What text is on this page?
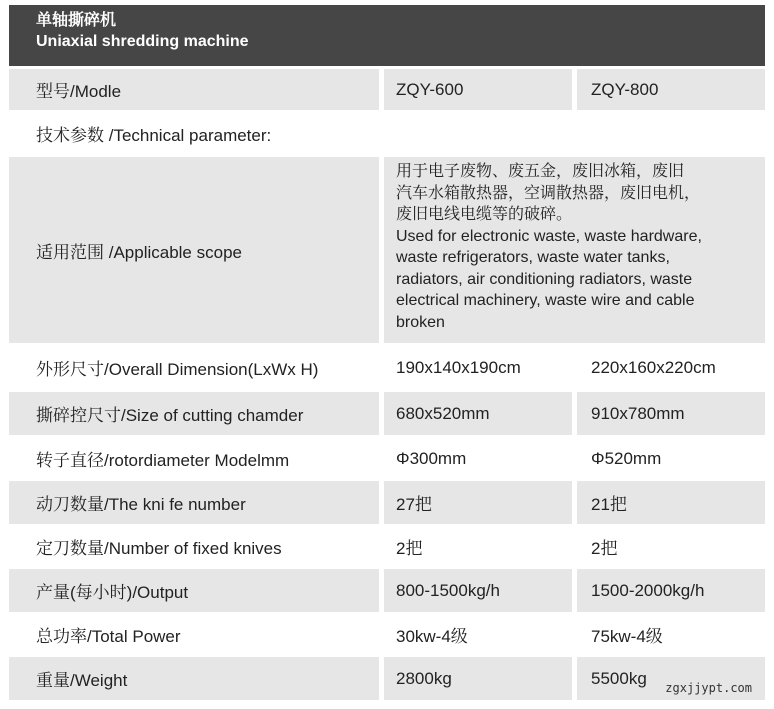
单轴撕碎机
Uniaxial shredding machine
型号/Modle	ZQY-600	ZQY-800
技术参数 /Technical parameter:
适用范围 /Applicable scope
用于电子废物、废五金，废旧冰箱，废旧
汽车水箱散热器，空调散热器，废旧电机，
废旧电线电缆等的破碎。
Used for electronic waste, waste hardware,
waste refrigerators, waste water tanks,
radiators, air conditioning radiators, waste
electrical machinery, waste wire and cable
broken
外形尺寸/Overall Dimension(LxWx H)	190x140x190cm	220x160x220cm
撕碎控尺寸/Size of cutting chamder	680x520mm	910x780mm
转子直径/rotordiameter Modelmm	Φ300mm	Φ520mm
动刀数量/The kni fe number	27把	21把
定刀数量/Number of fixed knives	2把	2把
产量(每小时)/Output	800-1500kg/h	1500-2000kg/h
总功率/Total Power	30kw-4级	75kw-4级
重量/Weight	2800kg	5500kg
zgxjjypt.com
